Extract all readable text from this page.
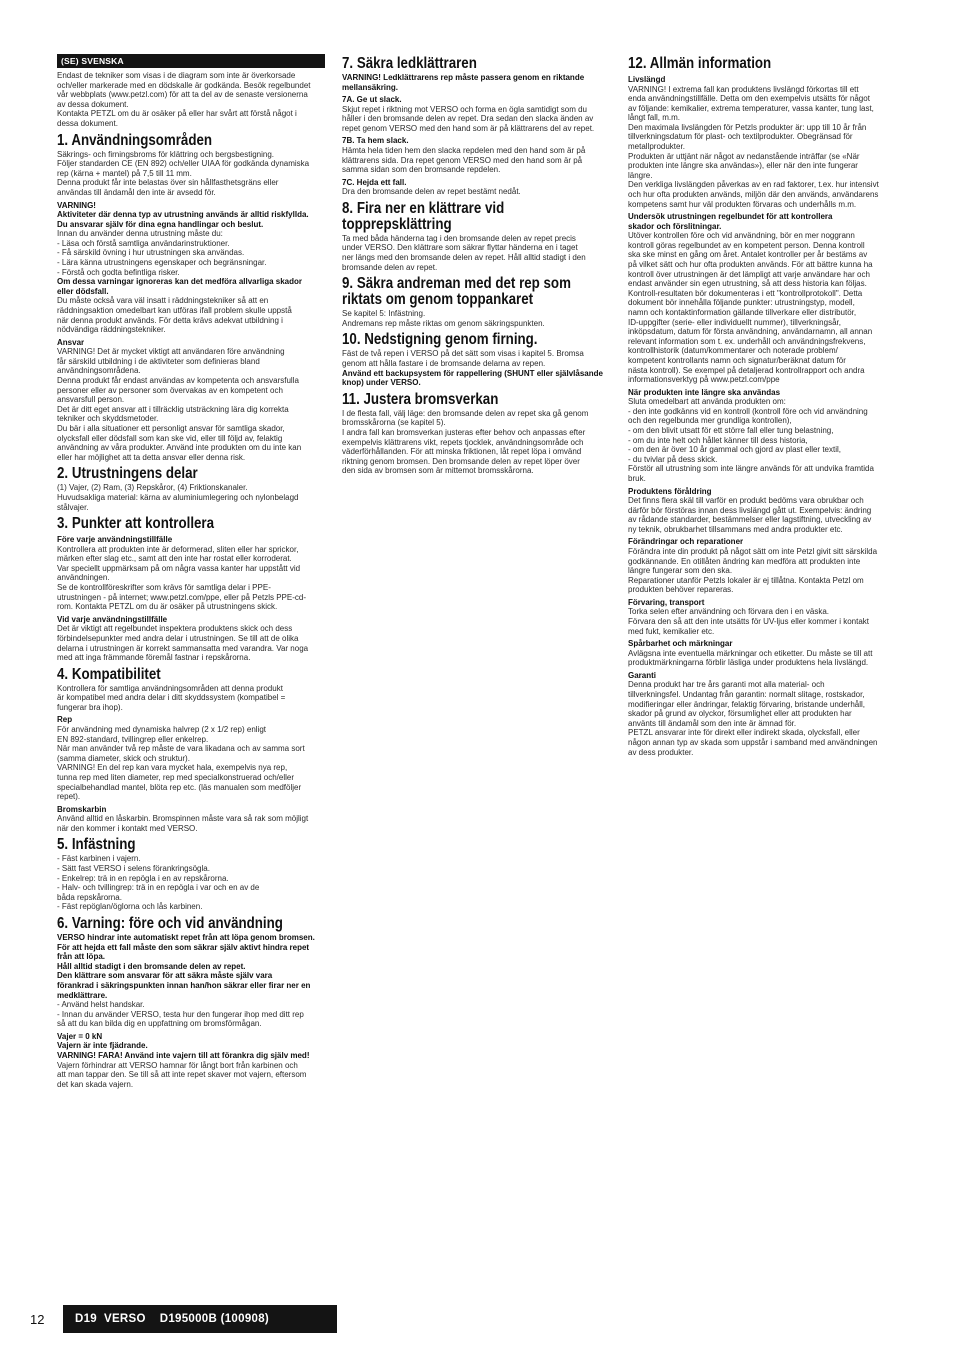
(SE) SVENSKA

Endast de tekniker som visas i de diagram som inte är överkorsade
och/eller markerade med en dödskalle är godkända. Besök regelbundet
vår webbplats (www.petzl.com) för att ta del av de senaste versionerna
av dessa dokument.

Kontakta PETZL om du är osäker på eller har svårt att förstå något i
dessa dokument.

1. Användningsområden

Säkrings- och firningsbroms för klättring och bergsbestigning.
Följer standarden CE (EN 892) och/eller UIAA för godkända dynamiska
rep (kärna + mantel) på 7,5 till 11 mm.
Denna produkt får inte belastas över sin hållfasthetsgräns eller
användas till ändamål den inte är avsedd för.

VARNING!

Aktiviteter där denna typ av utrustning används är alltid riskfyllda.
Du ansvarar själv för dina egna handlingar och beslut.

Innan du använder denna utrustning måste du:
- Läsa och förstå samtliga användarinstruktioner.
- Få särskild övning i hur utrustningen ska användas.
- Lära känna utrustningens egenskaper och begränsningar.
- Förstå och godta befintliga risker.

Om dessa varningar ignoreras kan det medföra allvarliga skador
eller dödsfall.

Du måste också vara väl insatt i räddningstekniker så att en
räddningsaktion omedelbart kan utföras ifall problem skulle uppstå
när denna produkt används. För detta krävs adekvat utbildning i
nödvändiga räddningstekniker.

Ansvar

VARNING! Det är mycket viktigt att användaren före användning
får särskild utbildning i de aktiviteter som definieras bland
användningsområdena.
Denna produkt får endast användas av kompetenta och ansvarsfulla
personer eller av personer som övervakas av en kompetent och
ansvarsfull person.
Det är ditt eget ansvar att i tillräcklig utsträckning lära dig korrekta
tekniker och skyddsmetoder.
Du bär i alla situationer ett personligt ansvar för samtliga skador,
olycksfall eller dödsfall som kan ske vid, eller till följd av, felaktig
användning av våra produkter. Använd inte produkten om du inte kan
eller har möjlighet att ta detta ansvar eller denna risk.

2. Utrustningens delar

(1) Vajer, (2) Ram, (3) Repskåror, (4) Friktionskanaler.
Huvudsakliga material: kärna av aluminiumlegering och nylonbelagd
stålvajer.

3. Punkter att kontrollera
Före varje användningstillfälle

Kontrollera att produkten inte är deformerad, sliten eller har sprickor,
märken efter slag etc., samt att den inte har rostat eller korroderat.
Var speciellt uppmärksam på om några vassa kanter har uppstått vid
användningen.
Se de kontrollföreskrifter som krävs för samtliga delar i PPE-
utrustningen - på internet; www.petzl.com/ppe, eller på Petzls PPE-cd-
rom. Kontakta PETZL om du är osäker på utrustningens skick.

Vid varje användningstillfälle

Det är viktigt att regelbundet inspektera produktens skick och dess
förbindelsepunkter med andra delar i utrustningen. Se till att de olika
delarna i utrustningen är korrekt sammansatta med varandra. Var noga
med att inga främmande föremål fastnar i repskårorna.

4. Kompatibilitet

Kontrollera för samtliga användningsområden att denna produkt
är kompatibel med andra delar i ditt skyddssystem (kompatibel =
fungerar bra ihop).

Rep

För användning med dynamiska halvrep (2 x 1/2 rep) enligt
EN 892-standard, tvillingrep eller enkelrep.
När man använder två rep måste de vara likadana och av samma sort
(samma diameter, skick och struktur).
VARNING! En del rep kan vara mycket hala, exempelvis nya rep,
tunna rep med liten diameter, rep med specialkonstruerad och/eller
specialbehandlad mantel, blöta rep etc. (läs manualen som medföljer
repet).

Bromskarbin

Använd alltid en låskarbin. Bromspinnen måste vara så rak som möjligt
när den kommer i kontakt med VERSO.

5. Infästning

- Fäst karbinen i vajern.
- Sätt fast VERSO i selens förankringsögla.
- Enkelrep: trä in en repögla i en av repskårorna.
- Halv- och tvillingrep: trä in en repögla i var och en av de
båda repskårorna.
- Fäst repöglan/öglorna och lås karbinen.

6. Varning: före och vid användning

VERSO hindrar inte automatiskt repet från att löpa genom bromsen.
För att hejda ett fall måste den som säkrar själv aktivt hindra repet
från att löpa.
Håll alltid stadigt i den bromsande delen av repet.
Den klättrare som ansvarar för att säkra måste själv vara
förankrad i säkringspunkten innan han/hon säkrar eller firar ner en
medklättrare.

- Använd helst handskar.
- Innan du använder VERSO, testa hur den fungerar ihop med ditt rep
så att du kan bilda dig en uppfattning om bromsförmågan.

Vajer = 0 kN

Vajern är inte fjädrande.
VARNING! FARA! Använd inte vajern till att förankra dig själv med!

Vajern förhindrar att VERSO hamnar för långt bort från karbinen och
att man tappar den. Se till så att inte repet skaver mot vajern, eftersom
det kan skada vajern.

7. Säkra ledklättraren

VARNING! Ledklättrarens rep måste passera genom en riktande
mellansäkring.

7A. Ge ut slack.

Skjut repet i riktning mot VERSO och forma en ögla samtidigt som du
håller i den bromsande delen av repet. Dra sedan den slacka änden av
repet genom VERSO med den hand som är på klättrarens del av repet.

7B. Ta hem slack.

Hämta hela tiden hem den slacka repdelen med den hand som är på
klättrarens sida. Dra repet genom VERSO med den hand som är på
samma sidan som den bromsande repdelen.

7C. Hejda ett fall.

Dra den bromsande delen av repet bestämt nedåt.

8. Fira ner en klättrare vid topprepsklättring

Ta med båda händerna tag i den bromsande delen av repet precis
under VERSO. Den klättrare som säkrar flyttar händerna en i taget
ner längs med den bromsande delen av repet. Håll alltid stadigt i den
bromsande delen av repet.

9. Säkra andreman med det rep som riktats om genom toppankaret

Se kapitel 5: Infästning.
Andremans rep måste riktas om genom säkringspunkten.

10. Nedstigning genom firning.

Fäst de två repen i VERSO på det sätt som visas i kapitel 5. Bromsa
genom att hålla fastare i de bromsande delarna av repen.

Använd ett backupsystem för rappellering (SHUNT eller självlåsande
knop) under VERSO.

11. Justera bromsverkan

I de flesta fall, välj läge: den bromsande delen av repet ska gå genom
bromsskårorna (se kapitel 5).
I andra fall kan bromsverkan justeras efter behov och anpassas efter
exempelvis klättrarens vikt, repets tjocklek, användningsområde och
väderförhållanden. För att minska friktionen, låt repet löpa i omvänd
riktning genom bromsen. Den bromsande delen av repet löper över
den sida av bromsen som är mittemot bromsskårorna.

12. Allmän information
Livslängd

VARNING! I extrema fall kan produktens livslängd förkortas till ett
enda användningstillfälle. Detta om den exempelvis utsätts för något
av följande: kemikalier, extrema temperaturer, vassa kanter, tung last,
långt fall, m.m.
Den maximala livslängden för Petzls produkter är: upp till 10 år från
tillverkningsdatum för plast- och textilprodukter. Obegränsad för
metallprodukter.
Produkten är uttjänt när något av nedanstående inträffar (se «När
produkten inte längre ska användas»), eller när den inte fungerar
längre.
Den verkliga livslängden påverkas av en rad faktorer, t.ex. hur intensivt
och hur ofta produkten används, miljön där den används, användarens
kompetens samt hur väl produkten förvaras och underhålls m.m.

Undersök utrustningen regelbundet för att kontrollera
skador och förslitningar.

Utöver kontrollen före och vid användning, bör en mer noggrann
kontroll göras regelbundet av en kompetent person. Denna kontroll
ska ske minst en gång om året. Antalet kontroller per år bestäms av
på vilket sätt och hur ofta produkten används. För att bättre kunna ha
kontroll över utrustningen är det lämpligt att varje användare har och
endast använder sin egen utrustning, så att dess historia kan följas.
Kontroll-resultaten bör dokumenteras i ett "kontrollprotokoll". Detta
dokument bör innehålla följande punkter: utrustningstyp, modell,
namn och kontaktinformation gällande tillverkare eller distributör,
ID-uppgifter (serie- eller individuellt nummer), tillverkningsår,
inköpsdatum, datum för första användning, användarnamn, all annan
relevant information som t. ex. underhåll och användningsfrekvens,
kontrollhistorik (datum/kommentarer och noterade problem/
kompetent kontrollants namn och signatur/beräknat datum för
nästa kontroll). Se exempel på detaljerad kontrollrapport och andra
informationsverktyg på www.petzl.com/ppe

När produkten inte längre ska användas

Sluta omedelbart att använda produkten om:
- den inte godkänns vid en kontroll (kontroll före och vid användning
och den regelbunda mer grundliga kontrollen),
- om den blivit utsatt för ett större fall eller tung belastning,
- om du inte helt och hållet känner till dess historia,
- om den är över 10 år gammal och gjord av plast eller textil,
- du tvivlar på dess skick.
Förstör all utrustning som inte längre används för att undvika framtida
bruk.

Produktens föråldring

Det finns flera skäl till varför en produkt bedöms vara obrukbar och
därför bör förstöras innan dess livslängd gått ut. Exempelvis: ändring
av rådande standarder, bestämmelser eller lagstiftning, utveckling av
ny teknik, obrukbarhet tillsammans med andra produkter etc.

Förändringar och reparationer

Förändra inte din produkt på något sätt om inte Petzl givit sitt särskilda
godkännande. En otillåten ändring kan medföra att produkten inte
längre fungerar som den ska.
Reparationer utanför Petzls lokaler är ej tillåtna. Kontakta Petzl om
produkten behöver repareras.

Förvaring, transport

Torka selen efter användning och förvara den i en väska.
Förvara den så att den inte utsätts för UV-ljus eller kommer i kontakt
med fukt, kemikalier etc.

Spårbarhet och märkningar

Avlägsna inte eventuella märkningar och etiketter. Du måste se till att
produktmärkningarna förblir läsliga under produktens hela livslängd.

Garanti

Denna produkt har tre års garanti mot alla material- och
tillverkningsfel. Undantag från garantin: normalt slitage, rostskador,
modifieringar eller ändringar, felaktig förvaring, bristande underhåll,
skador på grund av olyckor, försumlighet eller att produkten har
använts till ändamål som den inte är ämnad för.
PETZL ansvarar inte för direkt eller indirekt skada, olycksfall, eller
någon annan typ av skada som uppstår i samband med användningen
av dess produkter.

12	D19  VERSO    D195000B (100908)
